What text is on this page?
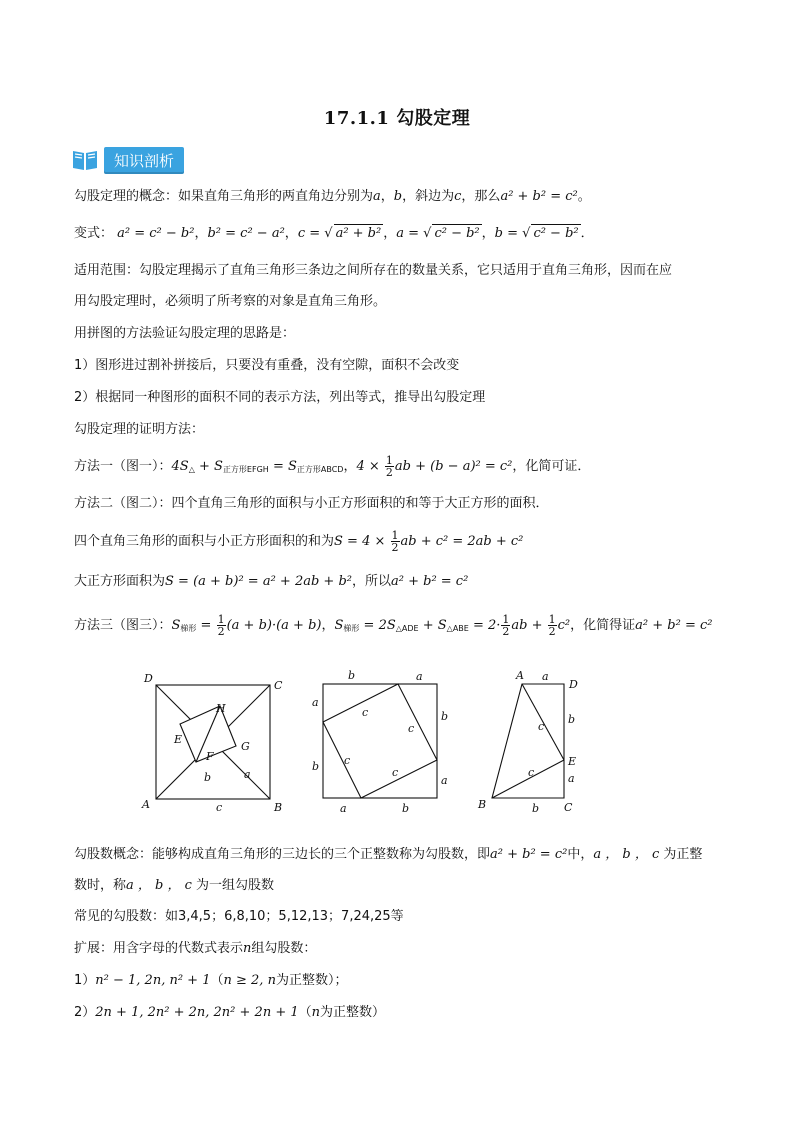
17.1.1 勾股定理
知识剖析
勾股定理的概念：如果直角三角形的两直角边分别为a，b，斜边为c，那么a² + b² = c²。
变式： a² = c² − b²，b² = c² − a²，c = √ a² + b² ，a = √ c² − b² ，b = √ c² − b² ．
适用范围：勾股定理揭示了直角三角形三条边之间所存在的数量关系，它只适用于直角三角形，因而在应
用勾股定理时，必须明了所考察的对象是直角三角形。
用拼图的方法验证勾股定理的思路是：
1）图形进过割补拼接后，只要没有重叠，没有空隙，面积不会改变
2）根据同一种图形的面积不同的表示方法，列出等式，推导出勾股定理
勾股定理的证明方法：
方法一（图一）：$4S_\triangle + S_{正方形EFGH} = S_{正方形ABCD}$，$4 \times \frac{1}{2}$ ab + (b − a)² = c²，化简可证．
方法二（图二）：四个直角三角形的面积与小正方形面积的和等于大正方形的面积．
四个直角三角形的面积与小正方形面积的和为$S = 4 \times \frac{1}{2}$ ab + c² = 2ab + c²
大正方形面积为S = (a + b)² = a² + 2ab + b²，所以a² + b² = c²
方法三（图三）：$S_{梯形} = \frac{1}{2} (a + b)\cdot(a + b)$，$S_{梯形} = 2S_{\triangle ADE} + S_{\triangle ABE} = 2\cdot \frac{1}{2}$ ab + $\frac{1}{2} c^2$，化简得证a² + b² = c²
D
C
H
E
G
F
b	a
A	c	B
b	a
a
b
c
c
c
c
b
a
a	b
A a
D
b
c
E
c	a
B	b C
勾股数概念：能够构成直角三角形的三边长的三个正整数称为勾股数，即a² + b² = c²中，a ， b ， c 为正整
数时，称a ， b ， c 为一组勾股数
常见的勾股数：如3,4,5；6,8,10；5,12,13；7,24,25等
扩展：用含字母的代数式表示n组勾股数：
1）n² − 1, 2n, n² + 1（n ≥ 2, n为正整数）；
2）2n + 1, 2n² + 2n, 2n² + 2n + 1（n为正整数）
